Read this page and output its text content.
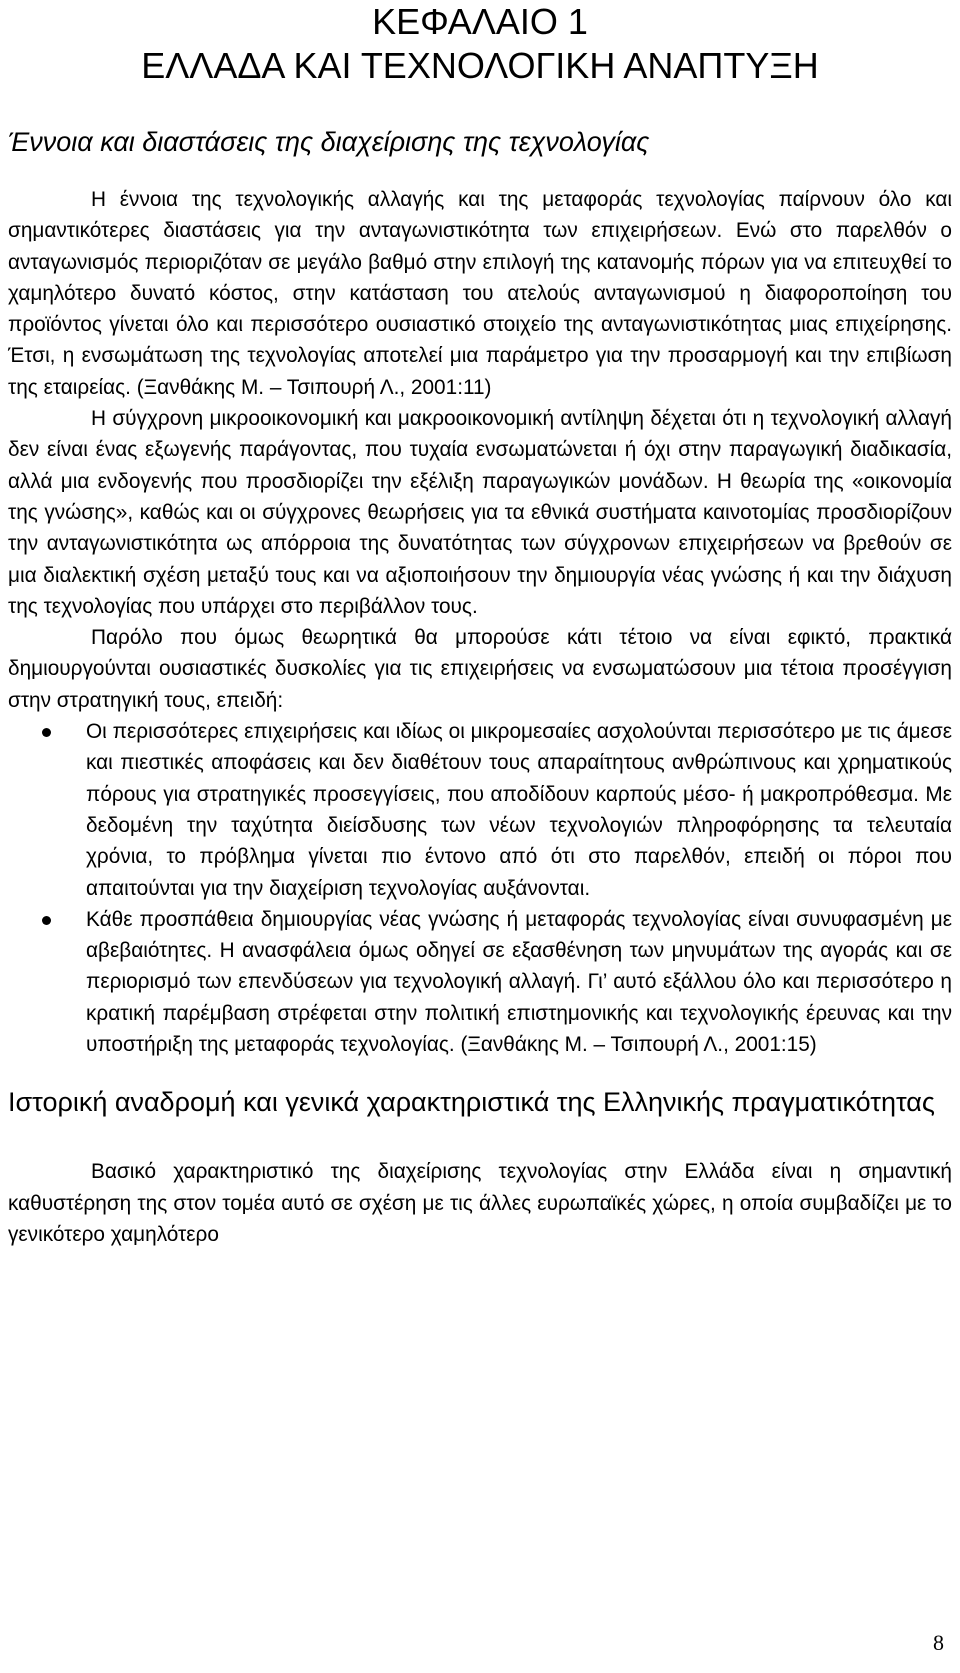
ΚΕΦΑΛΑΙΟ 1
ΕΛΛΑΔΑ ΚΑΙ ΤΕΧΝΟΛΟΓΙΚΗ ΑΝΑΠΤΥΞΗ
Έννοια και διαστάσεις της διαχείρισης της τεχνολογίας

Η έννοια της τεχνολογικής αλλαγής και της μεταφοράς τεχνολογίας παίρνουν όλο και σημαντικότερες διαστάσεις για την ανταγωνιστικότητα των επιχειρήσεων. Ενώ στο παρελθόν ο ανταγωνισμός περιοριζόταν σε μεγάλο βαθμό στην επιλογή της κατανομής πόρων για να επιτευχθεί το χαμηλότερο δυνατό κόστος, στην κατάσταση του ατελούς ανταγωνισμού η διαφοροποίηση του προϊόντος γίνεται όλο και περισσότερο ουσιαστικό στοιχείο της ανταγωνιστικότητας μιας επιχείρησης. Έτσι, η ενσωμάτωση της τεχνολογίας αποτελεί μια παράμετρο για την προσαρμογή και την επιβίωση της εταιρείας. (Ξανθάκης Μ. – Τσιπουρή Λ., 2001:11)

Η σύγχρονη μικροοικονομική και μακροοικονομική αντίληψη δέχεται ότι η τεχνολογική αλλαγή δεν είναι ένας εξωγενής παράγοντας, που τυχαία ενσωματώνεται ή όχι στην παραγωγική διαδικασία, αλλά μια ενδογενής που προσδιορίζει την εξέλιξη παραγωγικών μονάδων. Η θεωρία της «οικονομία της γνώσης», καθώς και οι σύγχρονες θεωρήσεις για τα εθνικά συστήματα καινοτομίας προσδιορίζουν την ανταγωνιστικότητα ως απόρροια της δυνατότητας των σύγχρονων επιχειρήσεων να βρεθούν σε μια διαλεκτική σχέση μεταξύ τους και να αξιοποιήσουν την δημιουργία νέας γνώσης ή και την διάχυση της τεχνολογίας που υπάρχει στο περιβάλλον τους.

Παρόλο που όμως θεωρητικά θα μπορούσε κάτι τέτοιο να είναι εφικτό, πρακτικά δημιουργούνται ουσιαστικές δυσκολίες για τις επιχειρήσεις να ενσωματώσουν μια τέτοια προσέγγιση στην στρατηγική τους, επειδή:

Οι περισσότερες επιχειρήσεις και ιδίως οι μικρομεσαίες ασχολούνται περισσότερο με τις άμεσε και πιεστικές αποφάσεις και δεν διαθέτουν τους απαραίτητους ανθρώπινους και χρηματικούς πόρους για στρατηγικές προσεγγίσεις, που αποδίδουν καρπούς μέσο- ή μακροπρόθεσμα. Με δεδομένη την ταχύτητα διείσδυσης των νέων τεχνολογιών πληροφόρησης τα τελευταία χρόνια, το πρόβλημα γίνεται πιο έντονο από ότι στο παρελθόν, επειδή οι πόροι που απαιτούνται για την διαχείριση τεχνολογίας αυξάνονται.
Κάθε προσπάθεια δημιουργίας νέας γνώσης ή μεταφοράς τεχνολογίας είναι συνυφασμένη με αβεβαιότητες. Η ανασφάλεια όμως οδηγεί σε εξασθένηση των μηνυμάτων της αγοράς και σε περιορισμό των επενδύσεων για τεχνολογική αλλαγή. Γι’ αυτό εξάλλου όλο και περισσότερο η κρατική παρέμβαση στρέφεται στην πολιτική επιστημονικής και τεχνολογικής έρευνας και την υποστήριξη της μεταφοράς τεχνολογίας. (Ξανθάκης Μ. – Τσιπουρή Λ., 2001:15)
Ιστορική αναδρομή και γενικά χαρακτηριστικά της Ελληνικής πραγματικότητας

Βασικό χαρακτηριστικό της διαχείρισης τεχνολογίας στην Ελλάδα είναι η σημαντική καθυστέρηση της στον τομέα αυτό σε σχέση με τις άλλες ευρωπαϊκές χώρες, η οποία συμβαδίζει με το γενικότερο χαμηλότερο

8
